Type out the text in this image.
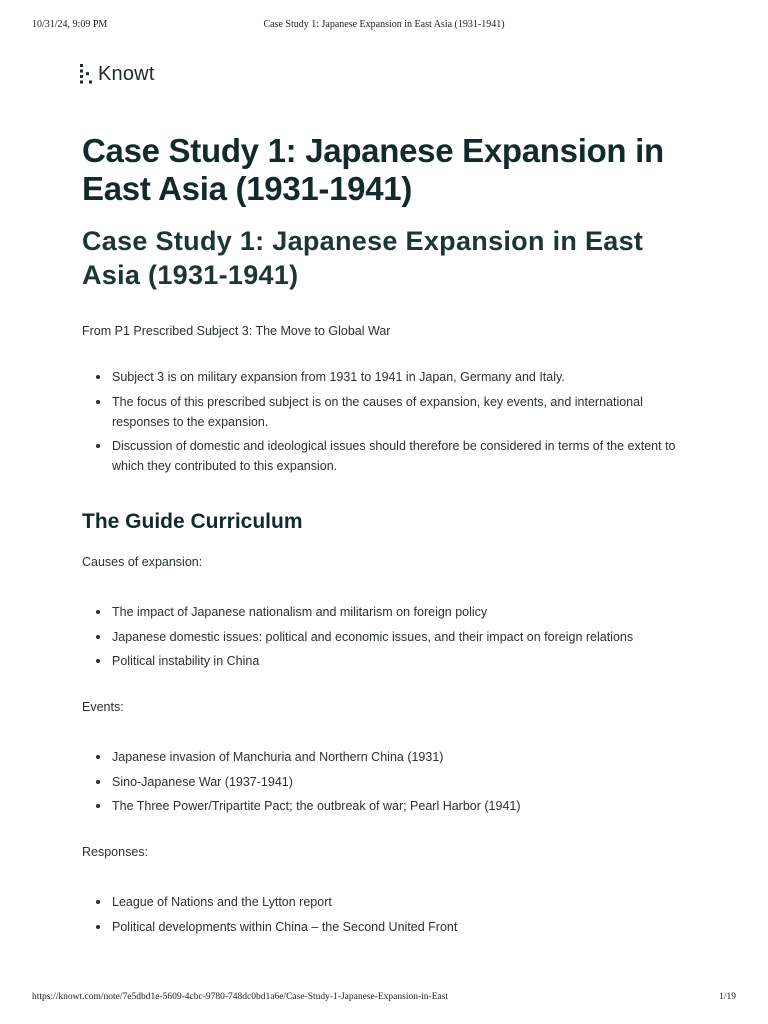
10/31/24, 9:09 PM	Case Study 1: Japanese Expansion in East Asia (1931-1941)
Knowt
Case Study 1: Japanese Expansion in East Asia (1931-1941)
Case Study 1: Japanese Expansion in East Asia (1931-1941)

From P1 Prescribed Subject 3: The Move to Global War

Subject 3 is on military expansion from 1931 to 1941 in Japan, Germany and Italy.
The focus of this prescribed subject is on the causes of expansion, key events, and international responses to the expansion.
Discussion of domestic and ideological issues should therefore be considered in terms of the extent to which they contributed to this expansion.
The Guide Curriculum

Causes of expansion:

The impact of Japanese nationalism and militarism on foreign policy
Japanese domestic issues: political and economic issues, and their impact on foreign relations
Political instability in China

Events:

Japanese invasion of Manchuria and Northern China (1931)
Sino-Japanese War (1937-1941)
The Three Power/Tripartite Pact; the outbreak of war; Pearl Harbor (1941)

Responses:

League of Nations and the Lytton report
Political developments within China – the Second United Front
https://knowt.com/note/7e5dbd1e-5609-4cbc-9780-748dc0bd1a6e/Case-Study-1-Japanese-Expansion-in-East	1/19
